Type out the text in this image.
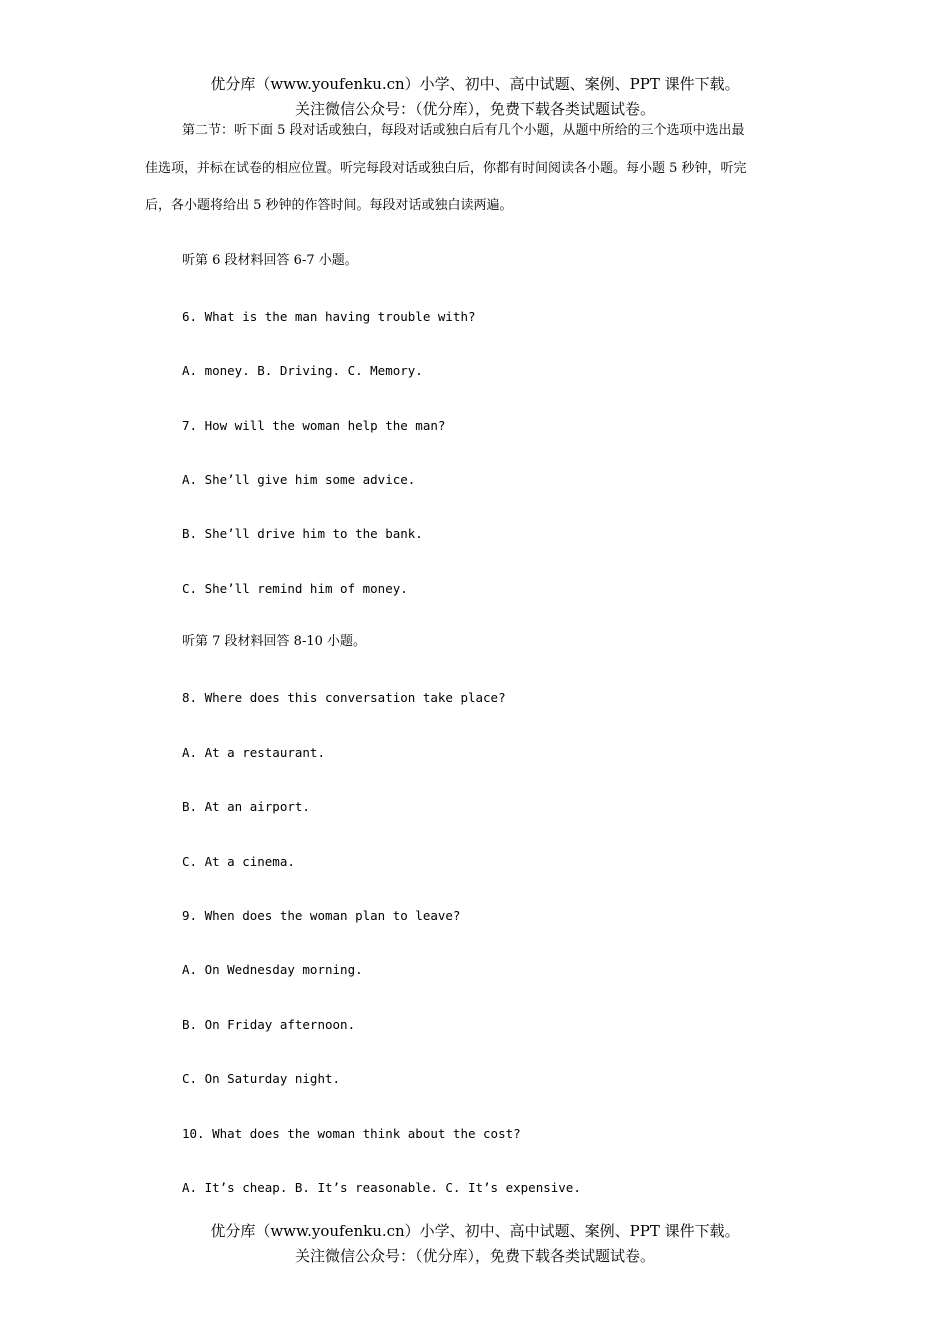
优分库（www.youfenku.cn）小学、初中、高中试题、案例、PPT 课件下载。
关注微信公众号：（优分库），免费下载各类试题试卷。
第二节：听下面 5 段对话或独白，每段对话或独白后有几个小题，从题中所给的三个选项中选出最
佳选项，并标在试卷的相应位置。听完每段对话或独白后，你都有时间阅读各小题。每小题 5 秒钟，听完
后，各小题将给出 5 秒钟的作答时间。每段对话或独白读两遍。
听第 6 段材料回答 6-7 小题。
6. What is the man having trouble with?
A. money. B. Driving. C. Memory.
7. How will the woman help the man?
A. She’ll give him some advice.
B. She’ll drive him to the bank.
C. She’ll remind him of money.
听第 7 段材料回答 8-10 小题。
8. Where does this conversation take place?
A. At a restaurant.
B. At an airport.
C. At a cinema.
9. When does the woman plan to leave?
A. On Wednesday morning.
B. On Friday afternoon.
C. On Saturday night.
10. What does the woman think about the cost?
A. It’s cheap. B. It’s reasonable. C. It’s expensive.
优分库（www.youfenku.cn）小学、初中、高中试题、案例、PPT 课件下载。
关注微信公众号：（优分库），免费下载各类试题试卷。
